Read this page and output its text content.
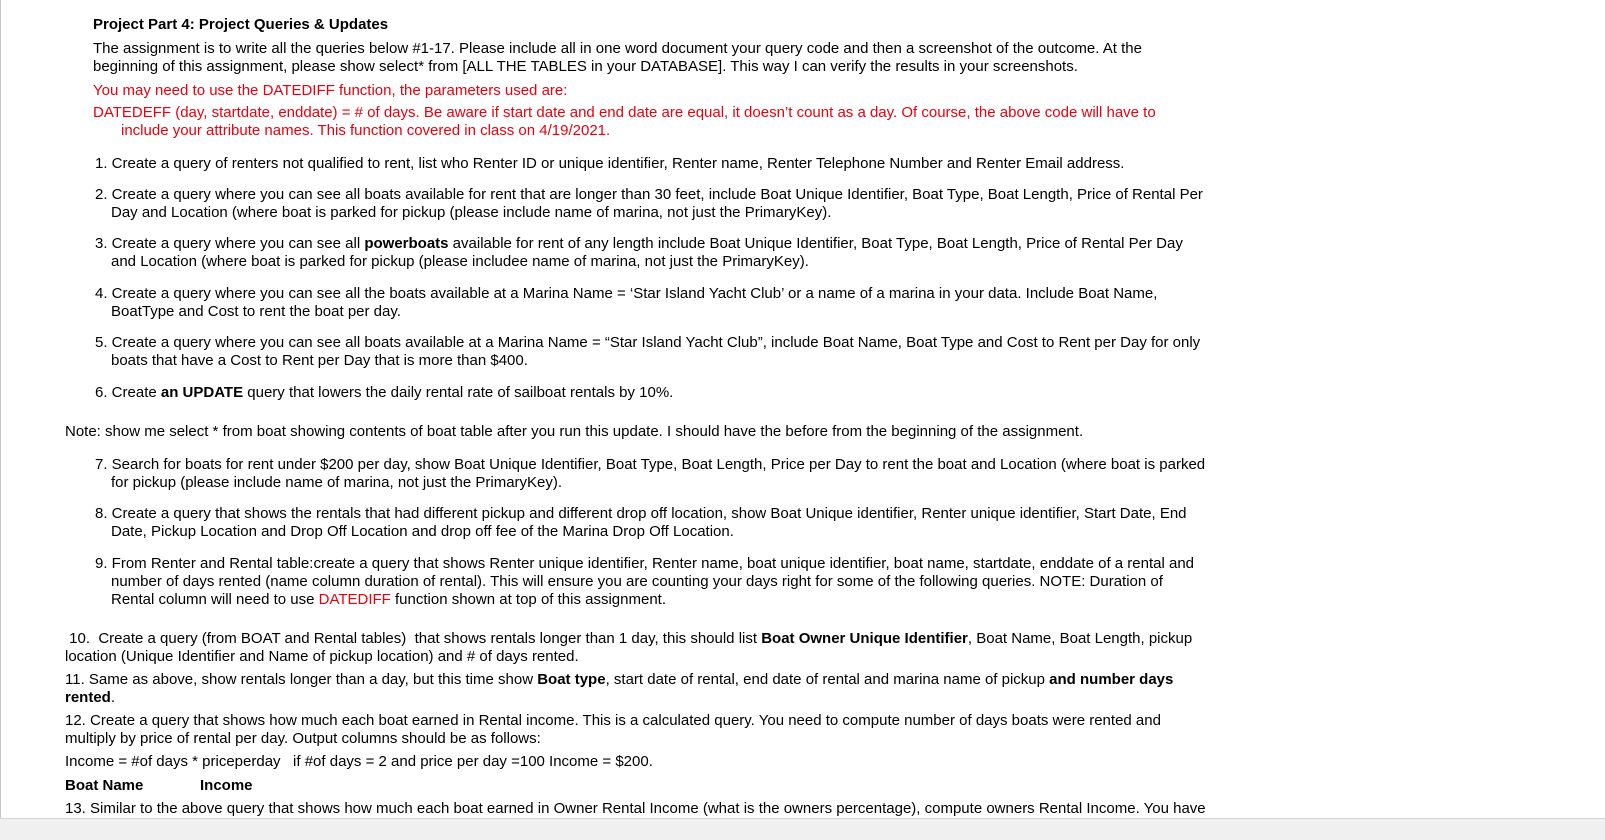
Project Part 4: Project Queries & Updates
The assignment is to write all the queries below #1-17. Please include all in one word document your query code and then a screenshot of the outcome. At the
beginning of this assignment, please show select* from [ALL THE TABLES in your DATABASE]. This way I can verify the results in your screenshots.
You may need to use the DATEDIFF function, the parameters used are:
DATEDEFF (day, startdate, enddate) = # of days. Be aware if start date and end date are equal, it doesn’t count as a day. Of course, the above code will have to
include your attribute names. This function covered in class on 4/19/2021.
1. Create a query of renters not qualified to rent, list who Renter ID or unique identifier, Renter name, Renter Telephone Number and Renter Email address.
2. Create a query where you can see all boats available for rent that are longer than 30 feet, include Boat Unique Identifier, Boat Type, Boat Length, Price of Rental Per
Day and Location (where boat is parked for pickup (please include name of marina, not just the PrimaryKey).
3. Create a query where you can see all powerboats available for rent of any length include Boat Unique Identifier, Boat Type, Boat Length, Price of Rental Per Day
and Location (where boat is parked for pickup (please includee name of marina, not just the PrimaryKey).
4. Create a query where you can see all the boats available at a Marina Name = ‘Star Island Yacht Club’ or a name of a marina in your data. Include Boat Name,
BoatType and Cost to rent the boat per day.
5. Create a query where you can see all boats available at a Marina Name = “Star Island Yacht Club”, include Boat Name, Boat Type and Cost to Rent per Day for only
boats that have a Cost to Rent per Day that is more than $400.
6. Create an UPDATE query that lowers the daily rental rate of sailboat rentals by 10%.
Note: show me select * from boat showing contents of boat table after you run this update. I should have the before from the beginning of the assignment.
7. Search for boats for rent under $200 per day, show Boat Unique Identifier, Boat Type, Boat Length, Price per Day to rent the boat and Location (where boat is parked
for pickup (please include name of marina, not just the PrimaryKey).
8. Create a query that shows the rentals that had different pickup and different drop off location, show Boat Unique identifier, Renter unique identifier, Start Date, End
Date, Pickup Location and Drop Off Location and drop off fee of the Marina Drop Off Location.
9. From Renter and Rental table:create a query that shows Renter unique identifier, Renter name, boat unique identifier, boat name, startdate, enddate of a rental and
number of days rented (name column duration of rental). This will ensure you are counting your days right for some of the following queries. NOTE: Duration of
Rental column will need to use DATEDIFF function shown at top of this assignment.
10.  Create a query (from BOAT and Rental tables)  that shows rentals longer than 1 day, this should list Boat Owner Unique Identifier, Boat Name, Boat Length, pickup
location (Unique Identifier and Name of pickup location) and # of days rented.
11. Same as above, show rentals longer than a day, but this time show Boat type, start date of rental, end date of rental and marina name of pickup and number days
rented.
12. Create a query that shows how much each boat earned in Rental income. This is a calculated query. You need to compute number of days boats were rented and
multiply by price of rental per day. Output columns should be as follows:
Income = #of days * priceperday   if #of days = 2 and price per day =100 Income = $200.
Boat Name	Income
13. Similar to the above query that shows how much each boat earned in Owner Rental Income (what is the owners percentage), compute owners Rental Income. You have
